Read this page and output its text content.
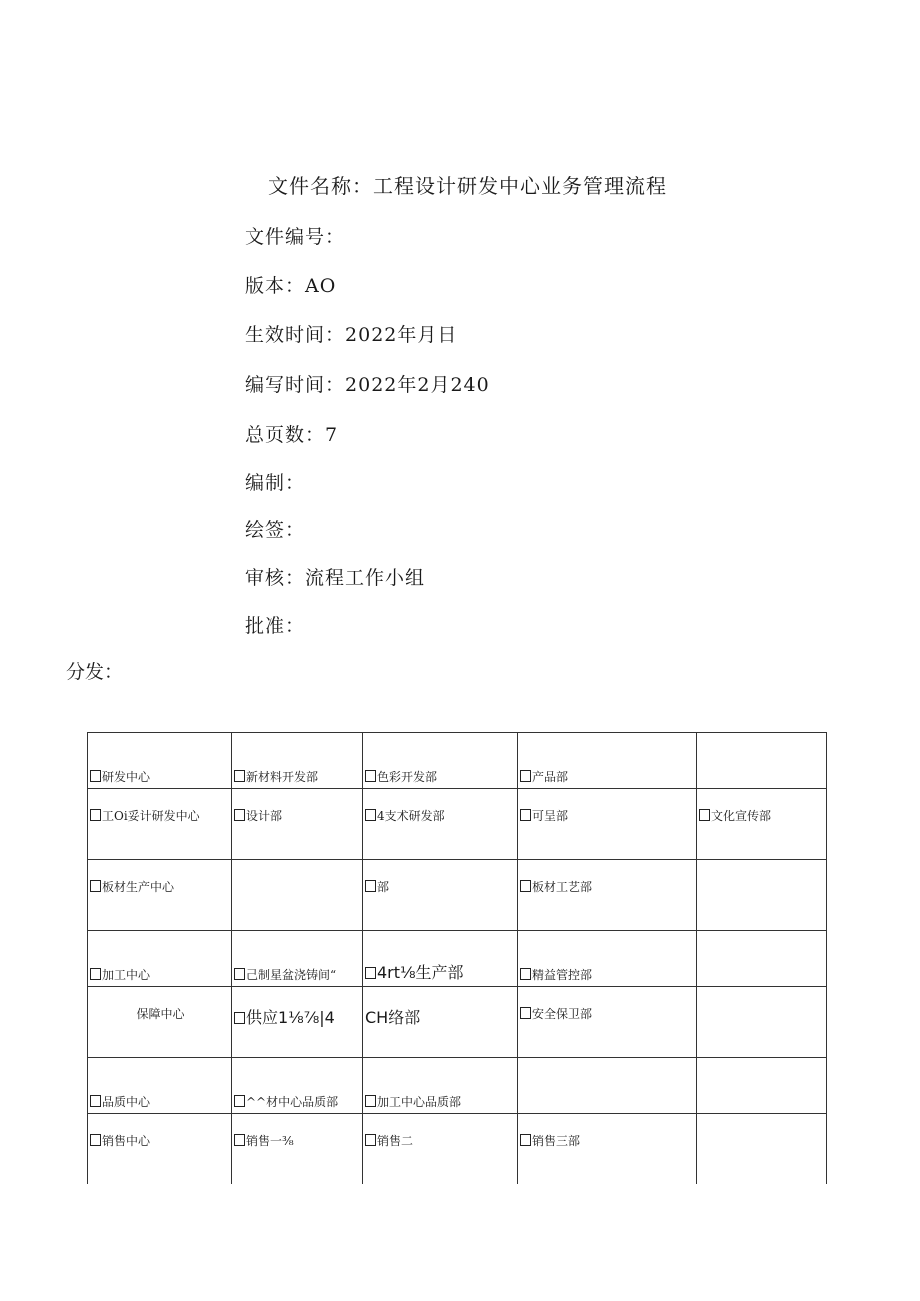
文件名称：工程设计研发中心业务管理流程
文件编号：
版本：AO
生效时间：2022年月日
编写时间：2022年2月240
总页数：7
编制：
绘签：
审核：流程工作小组
批准：
分发：
研发中心	新材料开发部	色彩开发部	产品部	
工Oi妥计研发中心	设计部	4支术研发部	可呈部	文化宣传部
板材生产中心		部	板材工艺部	
加工中心	己制星盆浇铸间“	4rt⅛生产部	精益管控部	
保障中心	供应1⅛⅞|4	CH络部	安全保卫部	
品质中心	^^材中心品质部	加工中心品质部		
销售中心	销售一⅜	销售二	销售三部	
